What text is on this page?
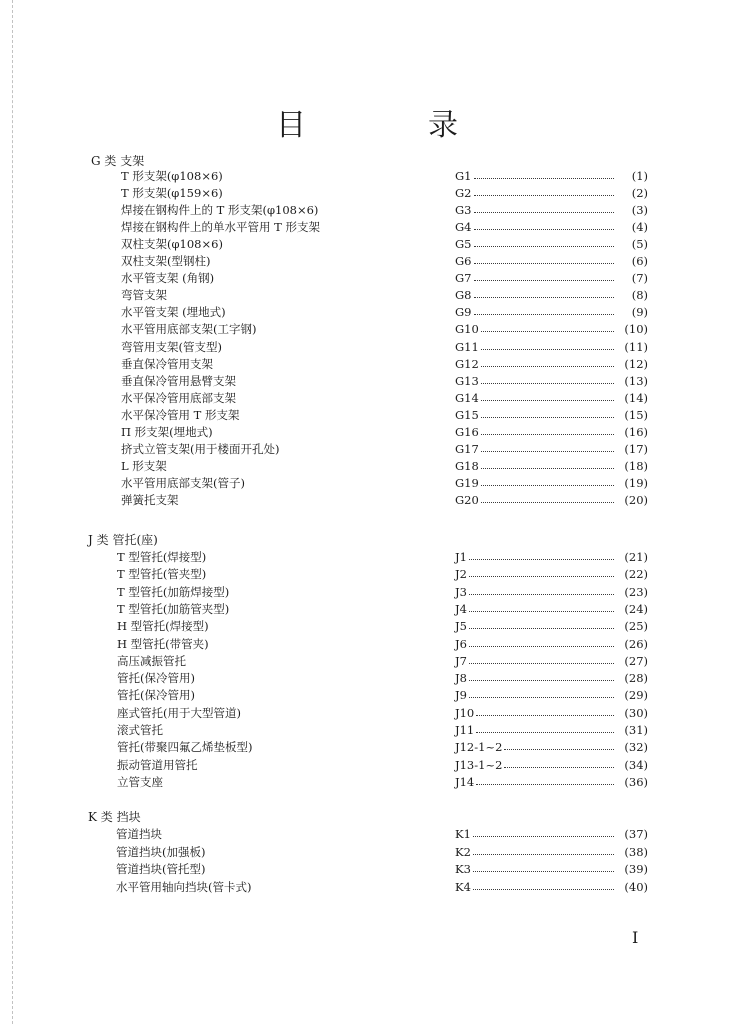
目　录
G 类 支架
T 形支架(φ108×6)	G1	(1)
T 形支架(φ159×6)	G2	(2)
焊接在钢构件上的 T 形支架(φ108×6)	G3	(3)
焊接在钢构件上的单水平管用 T 形支架	G4	(4)
双柱支架(φ108×6)	G5	(5)
双柱支架(型钢柱)	G6	(6)
水平管支架 (角钢)	G7	(7)
弯管支架	G8	(8)
水平管支架 (埋地式)	G9	(9)
水平管用底部支架(工字钢)	G10	(10)
弯管用支架(管支型)	G11	(11)
垂直保冷管用支架	G12	(12)
垂直保冷管用悬臂支架	G13	(13)
水平保冷管用底部支架	G14	(14)
水平保冷管用 T 形支架	G15	(15)
Π 形支架(埋地式)	G16	(16)
挤式立管支架(用于楼面开孔处)	G17	(17)
L 形支架	G18	(18)
水平管用底部支架(管子)	G19	(19)
弹簧托支架	G20	(20)
J 类 管托(座)
T 型管托(焊接型)	J1	(21)
T 型管托(管夹型)	J2	(22)
T 型管托(加筋焊接型)	J3	(23)
T 型管托(加筋管夹型)	J4	(24)
H 型管托(焊接型)	J5	(25)
H 型管托(带管夹)	J6	(26)
高压减振管托	J7	(27)
管托(保冷管用)	J8	(28)
管托(保冷管用)	J9	(29)
座式管托(用于大型管道)	J10	(30)
滚式管托	J11	(31)
管托(带聚四氟乙烯垫板型)	J12-1~2	(32)
振动管道用管托	J13-1~2	(34)
立管支座	J14	(36)
K 类 挡块
管道挡块	K1	(37)
管道挡块(加强板)	K2	(38)
管道挡块(管托型)	K3	(39)
水平管用轴向挡块(管卡式)	K4	(40)
I
